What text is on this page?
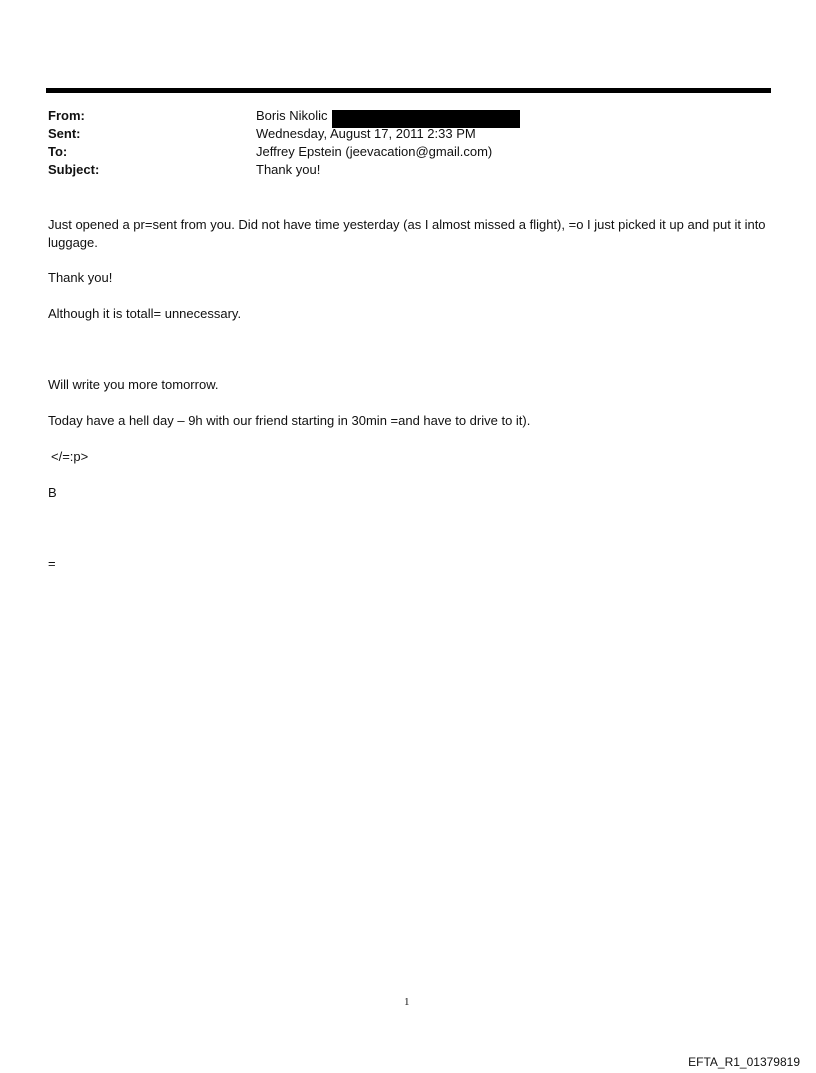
From:	Boris Nikolic
Sent:	Wednesday, August 17, 2011 2:33 PM
To:	Jeffrey Epstein (jeevacation@gmail.com)
Subject:	Thank you!
Just opened a pr=sent from you. Did not have time yesterday (as I almost missed a flight), =o I just picked it up and put it into luggage.
Thank you!
Although it is totall= unnecessary.
Will write you more tomorrow.
Today have a hell day – 9h with our friend starting in 30min =and have to drive to it).
</=:p>
B
=
1
EFTA_R1_01379819
